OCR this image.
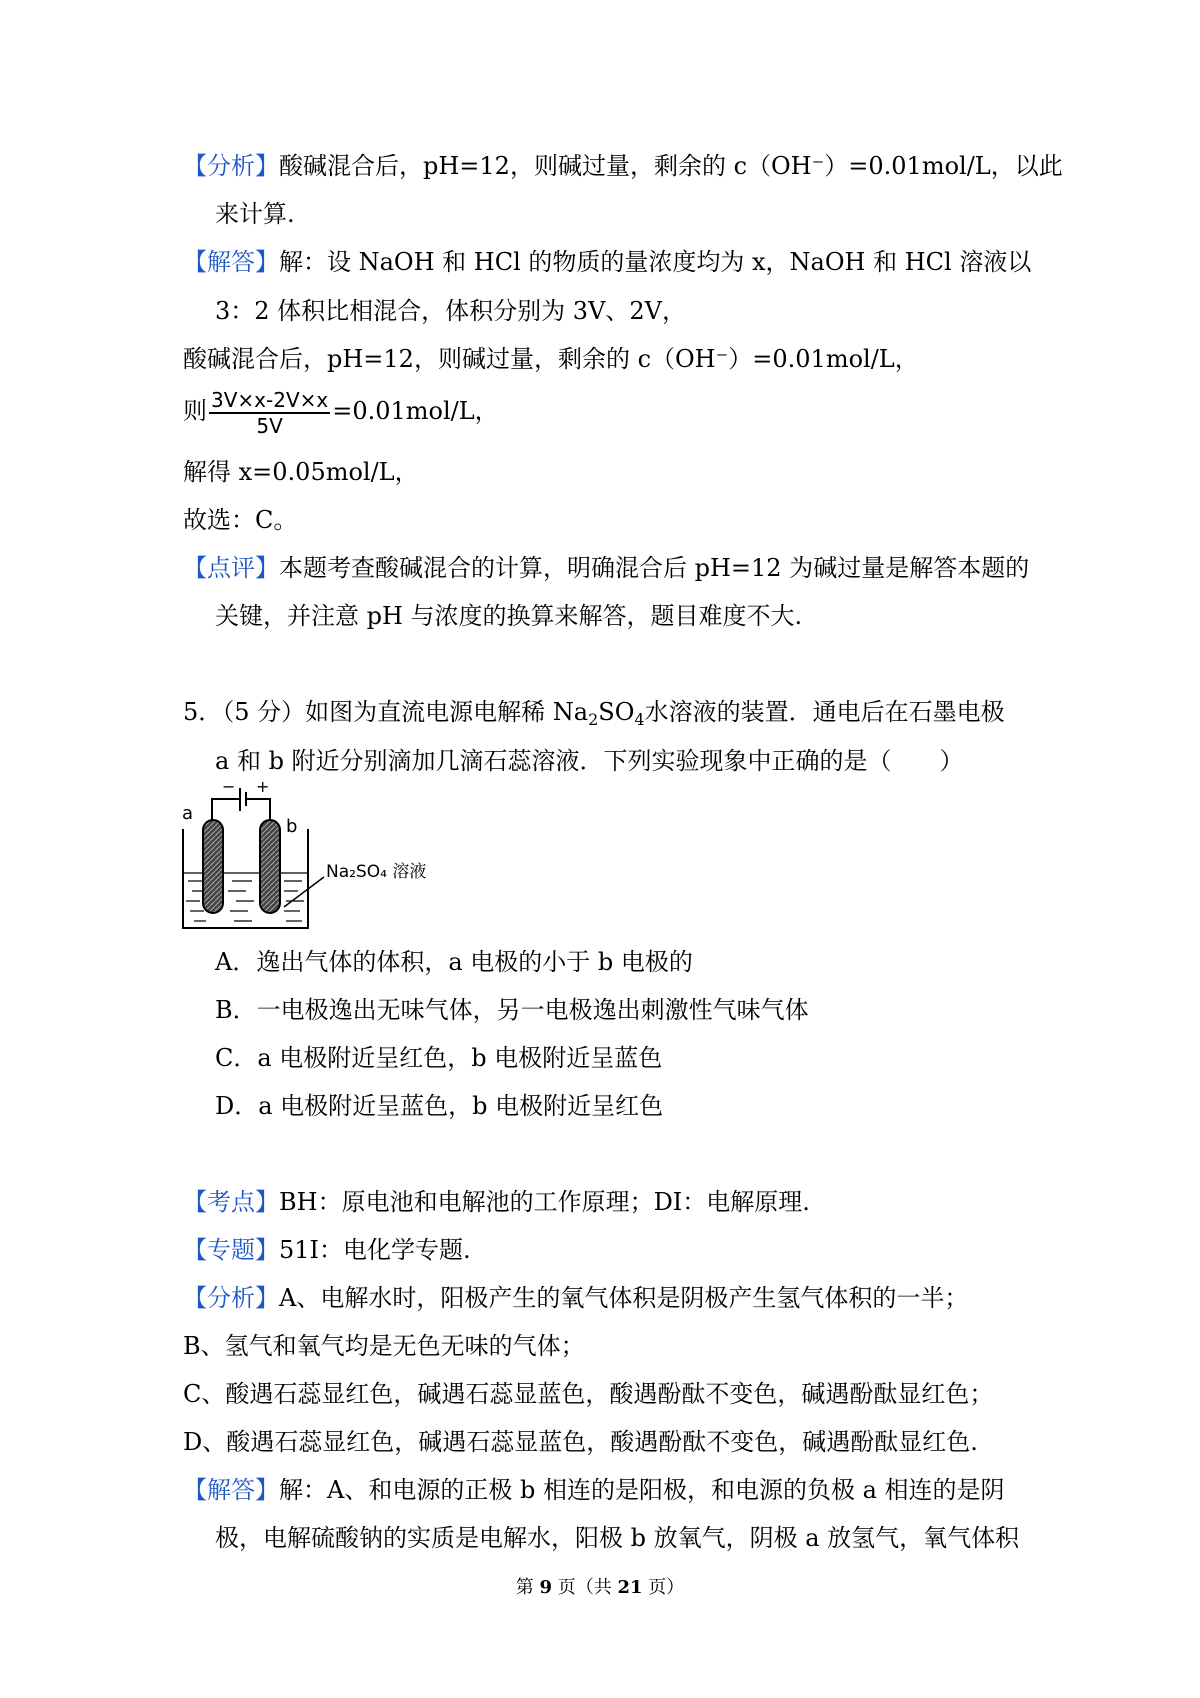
【分析】酸碱混合后，pH=12，则碱过量，剩余的 c（OH⁻）=0.01mol/L，以此
来计算.
【解答】解：设 NaOH 和 HCl 的物质的量浓度均为 x，NaOH 和 HCl 溶液以
3：2 体积比相混合，体积分别为 3V、2V，
酸碱混合后，pH=12，则碱过量，剩余的 c（OH⁻）=0.01mol/L，
则 $\frac{3V\times x-2V\times x}{5V} =0.01mol/L$，
解得 x=0.05mol/L，
故选：C。
【点评】本题考查酸碱混合的计算，明确混合后 pH=12 为碱过量是解答本题的
关键，并注意 pH 与浓度的换算来解答，题目难度不大.
5．（5 分）如图为直流电源电解稀 $Na_2SO_4$水溶液的装置．通电后在石墨电极
a 和 b 附近分别滴加几滴石蕊溶液．下列实验现象中正确的是（　　）
a
b
− +
Na₂SO₄ 溶液
A．逸出气体的体积，a 电极的小于 b 电极的
B．一电极逸出无味气体，另一电极逸出刺激性气味气体
C．a 电极附近呈红色，b 电极附近呈蓝色
D．a 电极附近呈蓝色，b 电极附近呈红色
【考点】BH：原电池和电解池的工作原理；DI：电解原理.
【专题】51I：电化学专题.
【分析】A、电解水时，阳极产生的氧气体积是阴极产生氢气体积的一半；
B、氢气和氧气均是无色无味的气体；
C、酸遇石蕊显红色，碱遇石蕊显蓝色，酸遇酚酞不变色，碱遇酚酞显红色；
D、酸遇石蕊显红色，碱遇石蕊显蓝色，酸遇酚酞不变色，碱遇酚酞显红色.
【解答】解：A、和电源的正极 b 相连的是阳极，和电源的负极 a 相连的是阴
极，电解硫酸钠的实质是电解水，阳极 b 放氧气，阴极 a 放氢气，氧气体积
第 9 页（共 21 页）
